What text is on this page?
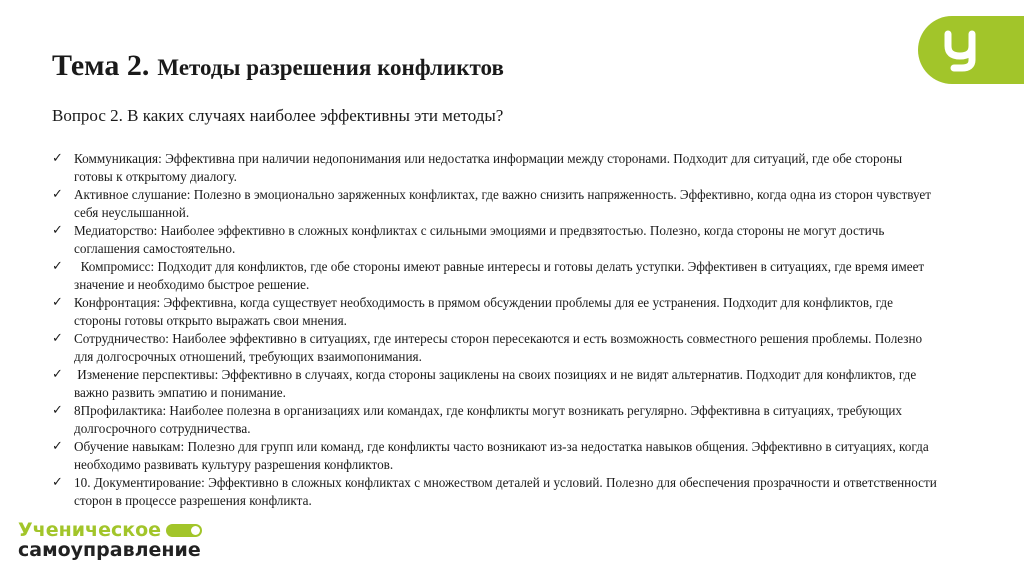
Тема 2. Методы разрешения конфликтов
Вопрос 2. В каких случаях наиболее эффективны эти методы?
✓ Коммуникация: Эффективна при наличии недопонимания или недостатка информации между сторонами. Подходит для ситуаций, где обе стороны готовы к открытому диалогу.
✓ Активное слушание: Полезно в эмоционально заряженных конфликтах, где важно снизить напряженность. Эффективно, когда одна из сторон чувствует себя неуслышанной.
✓ Медиаторство: Наиболее эффективно в сложных конфликтах с сильными эмоциями и предвзятостью. Полезно, когда стороны не могут достичь соглашения самостоятельно.
✓ Компромисс: Подходит для конфликтов, где обе стороны имеют равные интересы и готовы делать уступки. Эффективен в ситуациях, где время имеет значение и необходимо быстрое решение.
✓ Конфронтация: Эффективна, когда существует необходимость в прямом обсуждении проблемы для ее устранения. Подходит для конфликтов, где стороны готовы открыто выражать свои мнения.
✓ Сотрудничество: Наиболее эффективно в ситуациях, где интересы сторон пересекаются и есть возможность совместного решения проблемы. Полезно для долгосрочных отношений, требующих взаимопонимания.
✓ Изменение перспективы: Эффективно в случаях, когда стороны зациклены на своих позициях и не видят альтернатив. Подходит для конфликтов, где важно развить эмпатию и понимание.
✓ 8Профилактика: Наиболее полезна в организациях или командах, где конфликты могут возникать регулярно. Эффективна в ситуациях, требующих долгосрочного сотрудничества.
✓ Обучение навыкам: Полезно для групп или команд, где конфликты часто возникают из-за недостатка навыков общения. Эффективно в ситуациях, когда необходимо развивать культуру разрешения конфликтов.
✓ 10. Документирование: Эффективно в сложных конфликтах с множеством деталей и условий. Полезно для обеспечения прозрачности и ответственности сторон в процессе разрешения конфликта.
Ученическое
самоуправление
